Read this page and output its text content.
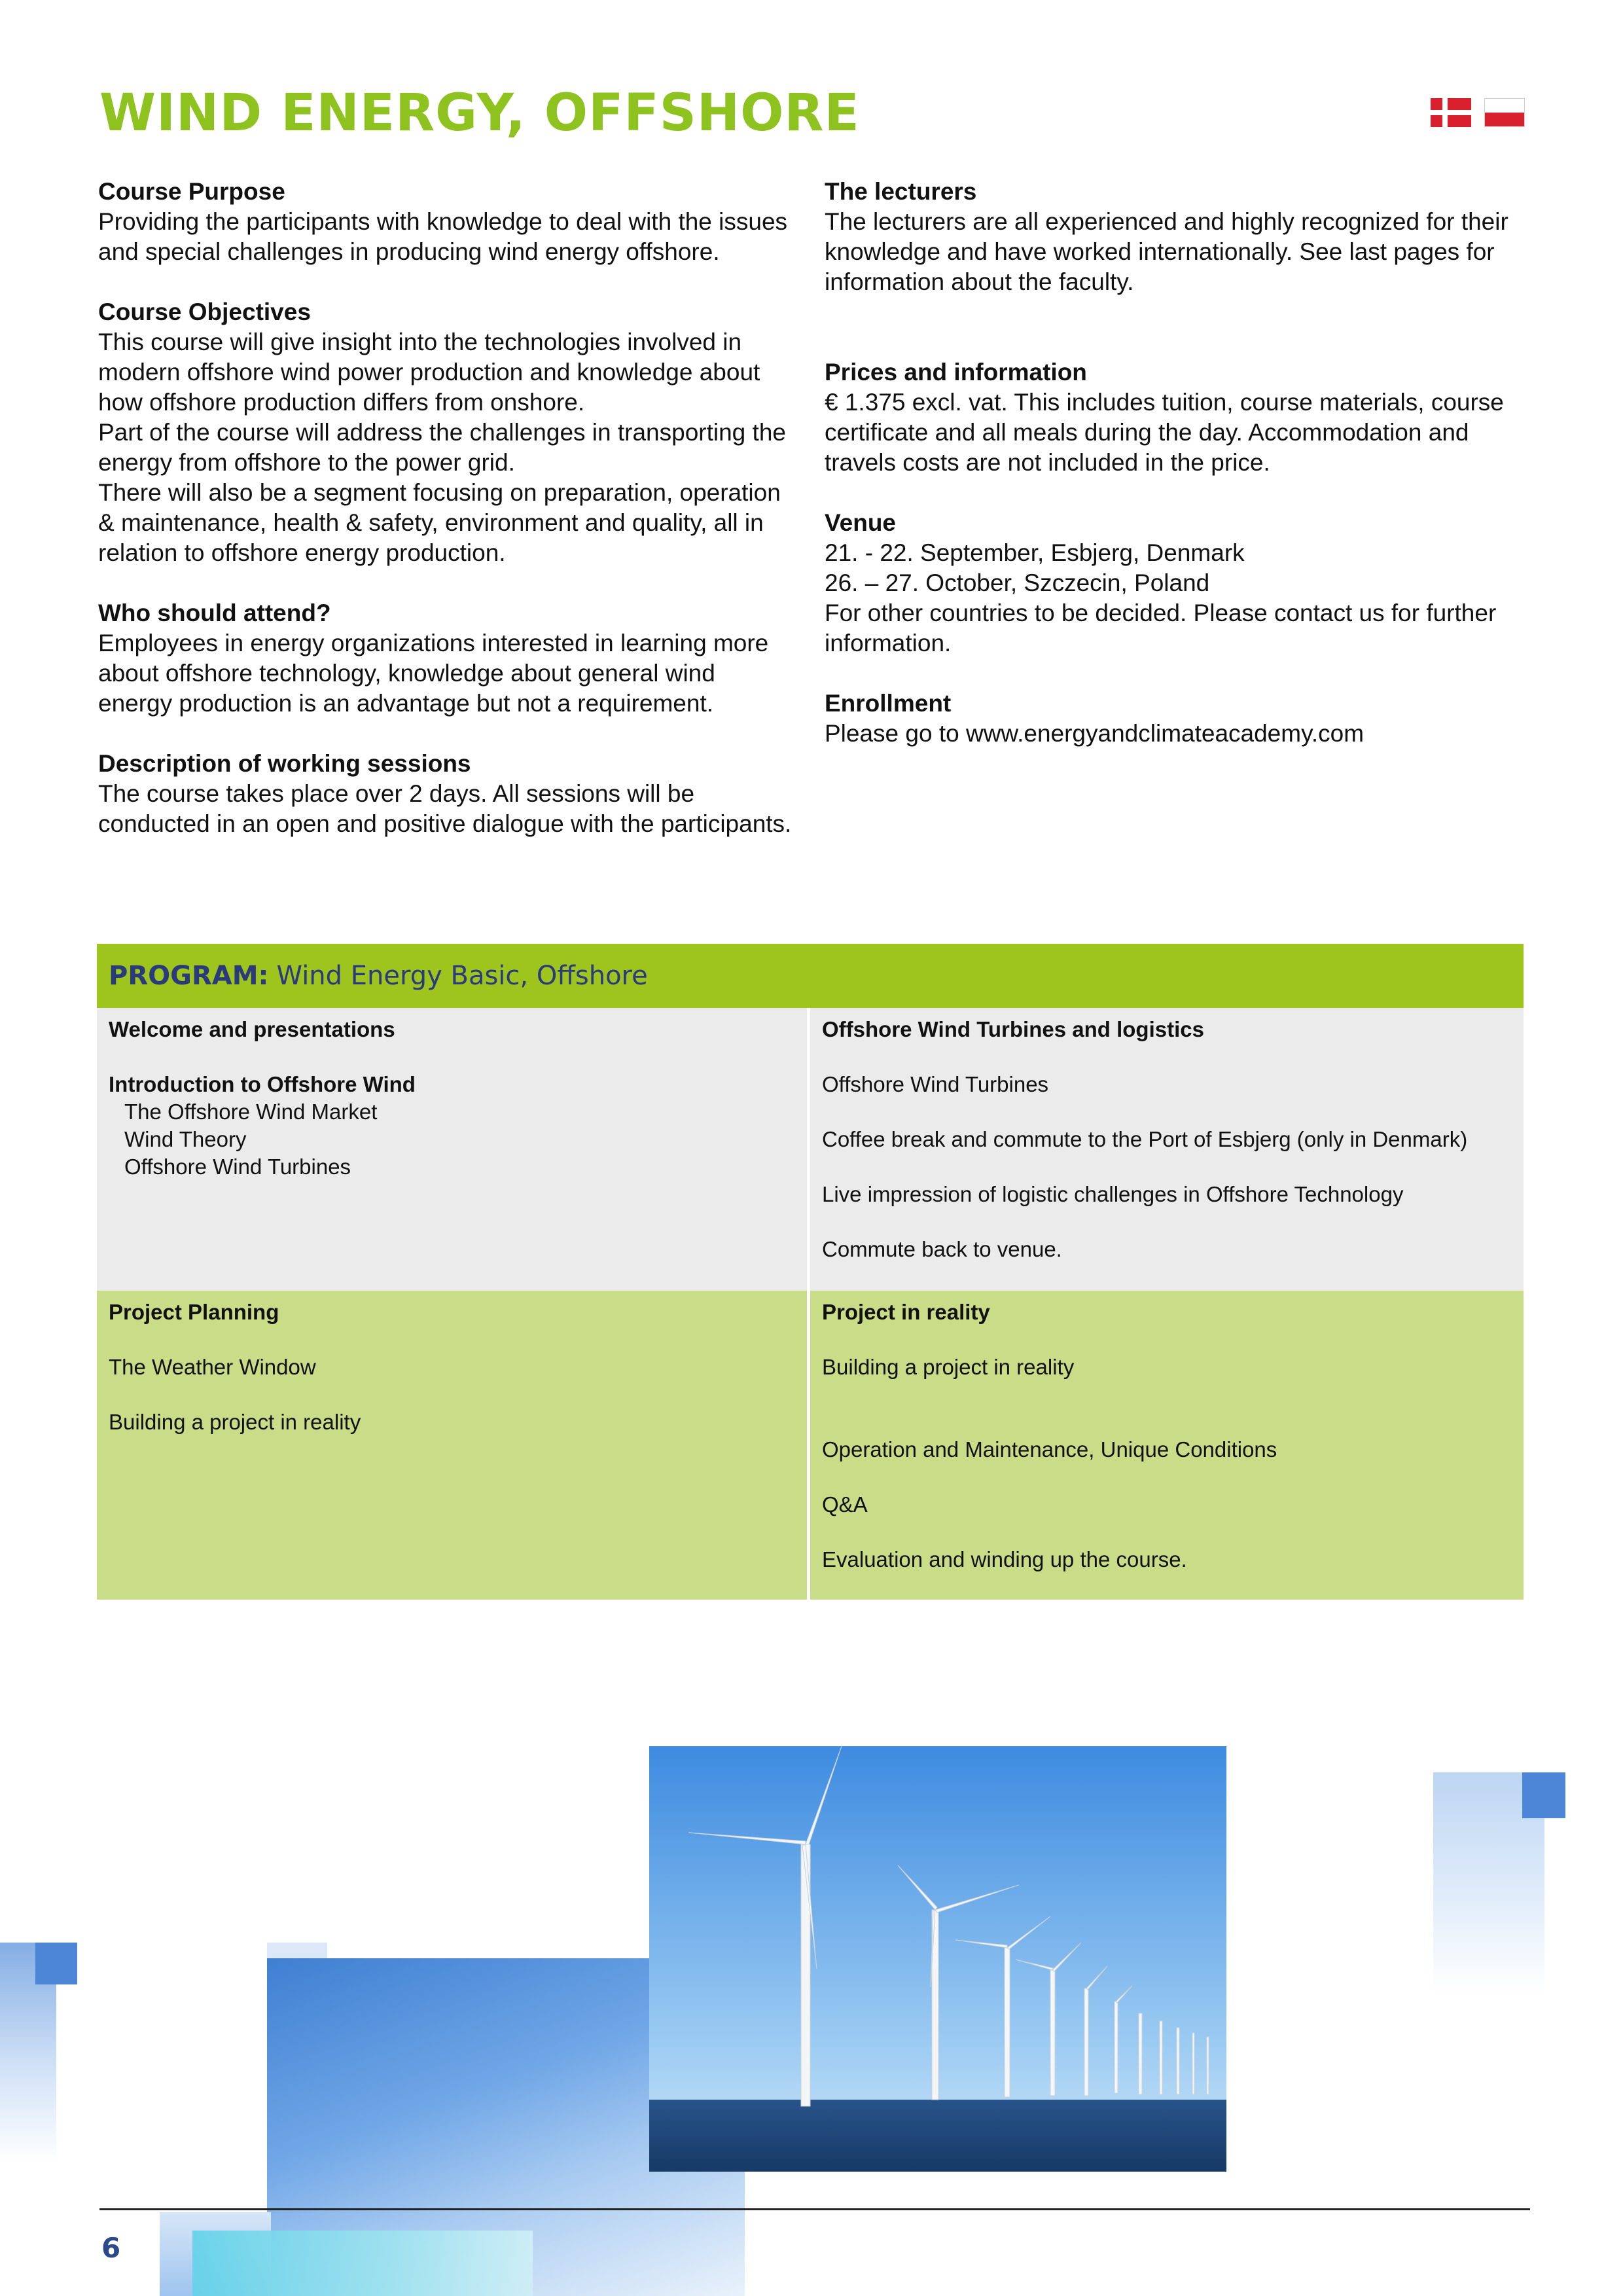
WIND ENERGY, OFFSHORE
Course Purpose

Providing the participants with knowledge to deal with the issues and special challenges in producing wind energy offshore.

Course Objectives

This course will give insight into the technologies involved in modern offshore wind power production and knowledge about how offshore production differs from onshore.

Part of the course will address the challenges in transporting the energy from offshore to the power grid.

There will also be a segment focusing on preparation, operation & maintenance, health & safety, environment and quality, all in relation to offshore energy production.

Who should attend?

Employees in energy organizations interested in learning more about offshore technology, knowledge about general wind energy production is an advantage but not a requirement.

Description of working sessions

The course takes place over 2 days. All sessions will be conducted in an open and positive dialogue with the participants.

The lecturers

The lecturers are all experienced and highly recognized for their knowledge and have worked internationally. See last pages for information about the faculty.

Prices and information

€ 1.375 excl. vat. This includes tuition, course materials, course certificate and all meals during the day. Accommodation and travels costs are not included in the price.

Venue

21. - 22. September, Esbjerg, Denmark

26. – 27. October, Szczecin, Poland

For other countries to be decided. Please contact us for further information.

Enrollment

Please go to www.energyandclimateacademy.com

PROGRAM: Wind Energy Basic, Offshore

Welcome and presentations

Introduction to Offshore Wind

The Offshore Wind Market

Wind Theory

Offshore Wind Turbines

Offshore Wind Turbines and logistics

Offshore Wind Turbines

Coffee break and commute to the Port of Esbjerg (only in Denmark)

Live impression of logistic challenges in Offshore Technology

Commute back to venue.

Project Planning

The Weather Window

Building a project in reality

Project in reality

Building a project in reality

Operation and Maintenance, Unique Conditions

Q&A

Evaluation and winding up the course.

6
